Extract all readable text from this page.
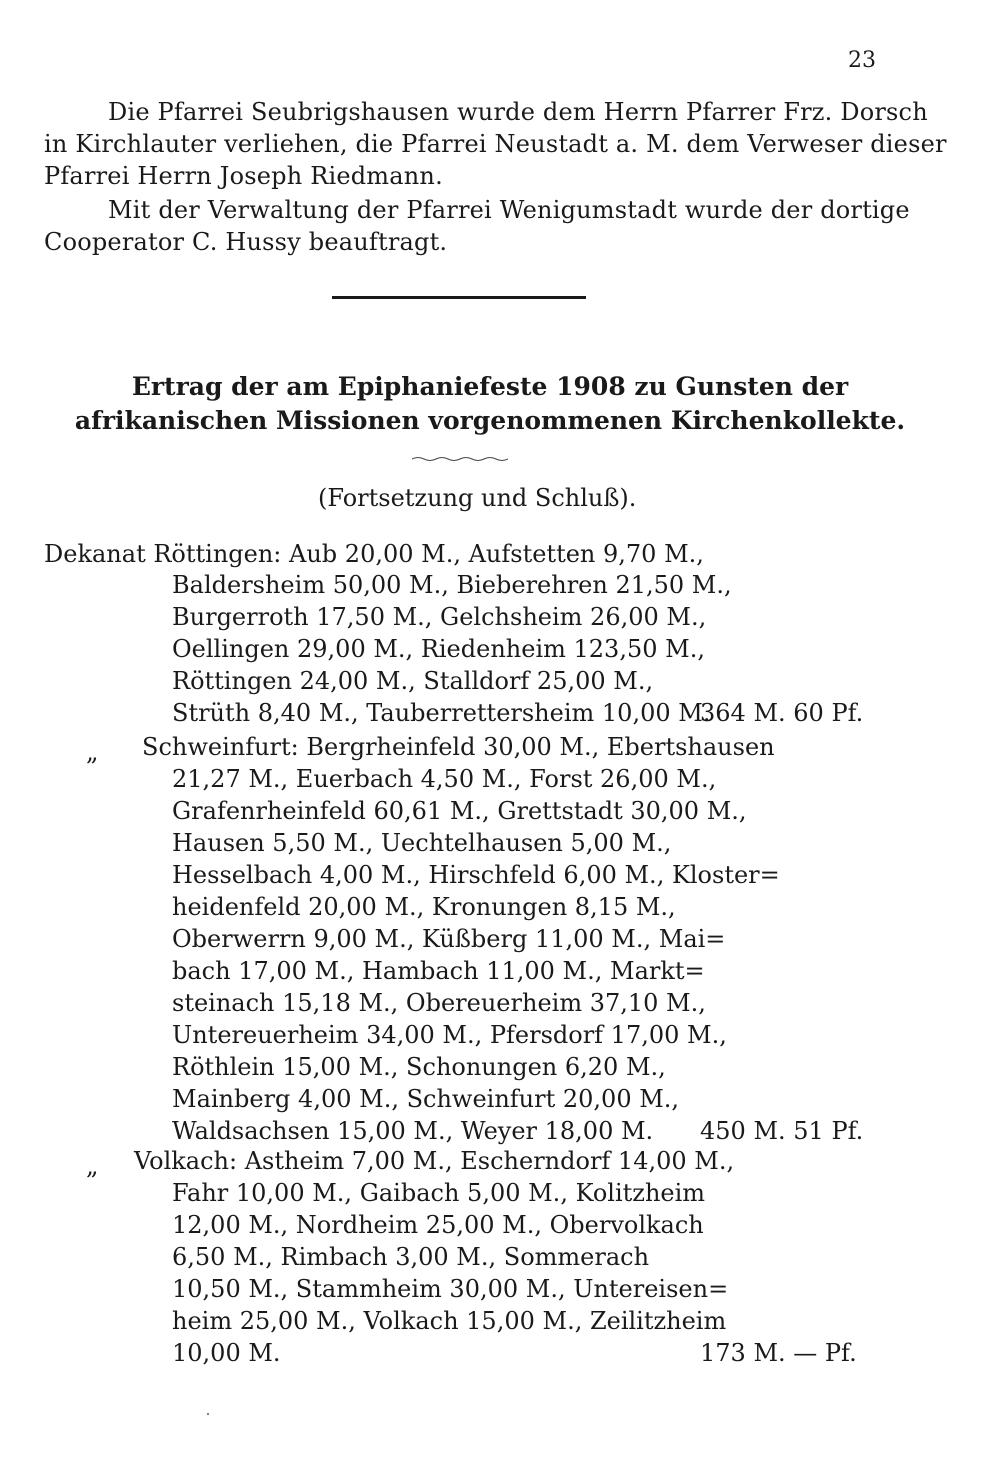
23
Die Pfarrei Seubrigshausen wurde dem Herrn Pfarrer Frz. Dorsch
in Kirchlauter verliehen, die Pfarrei Neustadt a. M. dem Verweser dieser
Pfarrei Herrn Joseph Riedmann.
Mit der Verwaltung der Pfarrei Wenigumstadt wurde der dortige
Cooperator C. Hussy beauftragt.
Ertrag der am Epiphaniefeste 1908 zu Gunsten der
afrikanischen Missionen vorgenommenen Kirchenkollekte.
(Fortsetzung und Schluß).
Dekanat Röttingen: Aub 20,00 M., Aufstetten 9,70 M.,
Baldersheim 50,00 M., Bieberehren 21,50 M.,
Burgerroth 17,50 M., Gelchsheim 26,00 M.,
Oellingen 29,00 M., Riedenheim 123,50 M.,
Röttingen 24,00 M., Stalldorf 25,00 M.,
Strüth 8,40 M., Tauberrettersheim 10,00 M.
364 M. 60 Pf.
„ Schweinfurt: Bergrheinfeld 30,00 M., Ebertshausen
21,27 M., Euerbach 4,50 M., Forst 26,00 M.,
Grafenrheinfeld 60,61 M., Grettstadt 30,00 M.,
Hausen 5,50 M., Uechtelhausen 5,00 M.,
Hesselbach 4,00 M., Hirschfeld 6,00 M., Kloster=
heidenfeld 20,00 M., Kronungen 8,15 M.,
Oberwerrn 9,00 M., Küßberg 11,00 M., Mai=
bach 17,00 M., Hambach 11,00 M., Markt=
steinach 15,18 M., Obereuerheim 37,10 M.,
Untereuerheim 34,00 M., Pfersdorf 17,00 M.,
Röthlein 15,00 M., Schonungen 6,20 M.,
Mainberg 4,00 M., Schweinfurt 20,00 M.,
Waldsachsen 15,00 M., Weyer 18,00 M. 450 M. 51 Pf.
„ Volkach: Astheim 7,00 M., Escherndorf 14,00 M.,
Fahr 10,00 M., Gaibach 5,00 M., Kolitzheim
12,00 M., Nordheim 25,00 M., Obervolkach
6,50 M., Rimbach 3,00 M., Sommerach
10,50 M., Stammheim 30,00 M., Untereisen=
heim 25,00 M., Volkach 15,00 M., Zeilitzheim
10,00 M.	173 M. — Pf.
